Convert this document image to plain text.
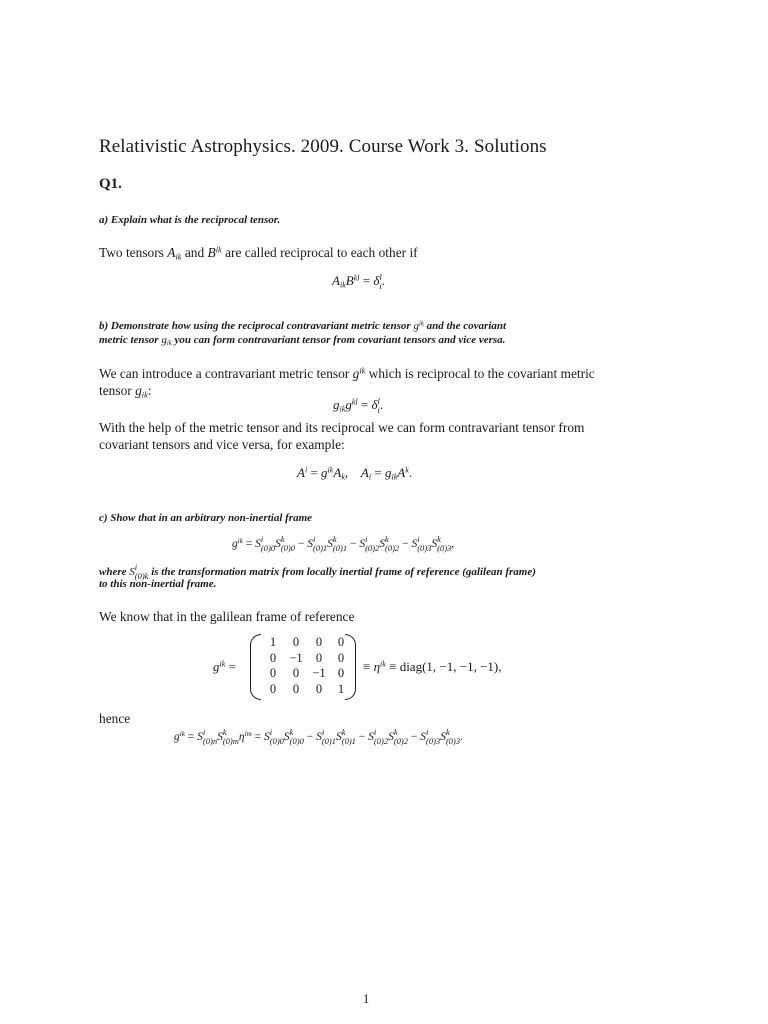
Relativistic Astrophysics. 2009. Course Work 3. Solutions
Q1.
a) Explain what is the reciprocal tensor.
Two tensors Aik and $B^{ik}$ are called reciprocal to each other if
AikB$^{kl}$ = δ l
i .
b) Demonstrate how using the reciprocal contravariant metric tensor $g^{ik}$ and the covariant
metric tensor gik you can form contravariant tensor from covariant tensors and vice versa.
We can introduce a contravariant metric tensor $g^{ik}$ which is reciprocal to the covariant metric
tensor gik:
gikg$^{kl}$ = δ l
i .
With the help of the metric tensor and its reciprocal we can form contravariant tensor from
covariant tensors and vice versa, for example:
$A^i = g^{ik}Ak$,    Ai = gikA$^k$.
c) Show that in an arbitrary non-inertial frame
$g^{ik} = S$ i
(0)0 S k
(0)0 − S i
(0)1 S k
(0)1 − S i
(0)2 S k
(0)2 − S i
(0)3 S k
(0)3 ,
where S i
(0)k is the transformation matrix from locally inertial frame of reference (galilean frame)
to this non-inertial frame.
We know that in the galilean frame of reference
$g^{ik}$ =
1	0	0	0
0	−1	0	0
0	0	−1 0
0	0	0	1
≡ $\eta^{ik}$ ≡ diag(1, −1, −1, −1),
hence
$g^{ik} = S$ i
(0)n S k
(0)m $\eta^{lm} = S$ i
(0)0 S k
(0)0 − S i
(0)1 S k
(0)1 − S i
(0)2 S k
(0)2 − S i
(0)3 S k
(0)3 .
1
